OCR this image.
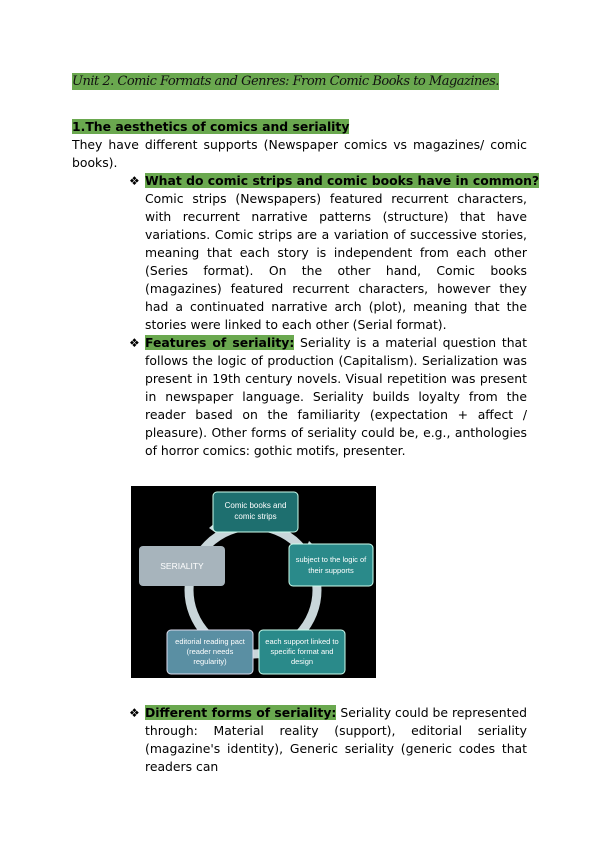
Unit 2. Comic Formats and Genres: From Comic Books to Magazines.
1.The aesthetics of comics and seriality
They have different supports (Newspaper comics vs magazines/ comic books).
❖ What do comic strips and comic books have in common?
Comic strips (Newspapers) featured recurrent characters, with recurrent narrative patterns (structure) that have variations. Comic strips are a variation of successive stories, meaning that each story is independent from each other (Series format). On the other hand, Comic books (magazines) featured recurrent characters, however they had a continuated narrative arch (plot), meaning that the stories were linked to each other (Serial format).
❖ Features of seriality: Seriality is a material question that follows the logic of production (Capitalism). Serialization was present in 19th century novels. Visual repetition was present in newspaper language. Seriality builds loyalty from the reader based on the familiarity (expectation + affect / pleasure). Other forms of seriality could be, e.g., anthologies of horror comics: gothic motifs, presenter.
Comic books and
comic strips
subject to the logic of
their supports
each support linked to
specific format and
design
editorial reading pact
(reader needs
regularity)
SERIALITY
❖ Different forms of seriality: Seriality could be represented through: Material reality (support), editorial seriality (magazine's identity), Generic seriality (generic codes that readers can
